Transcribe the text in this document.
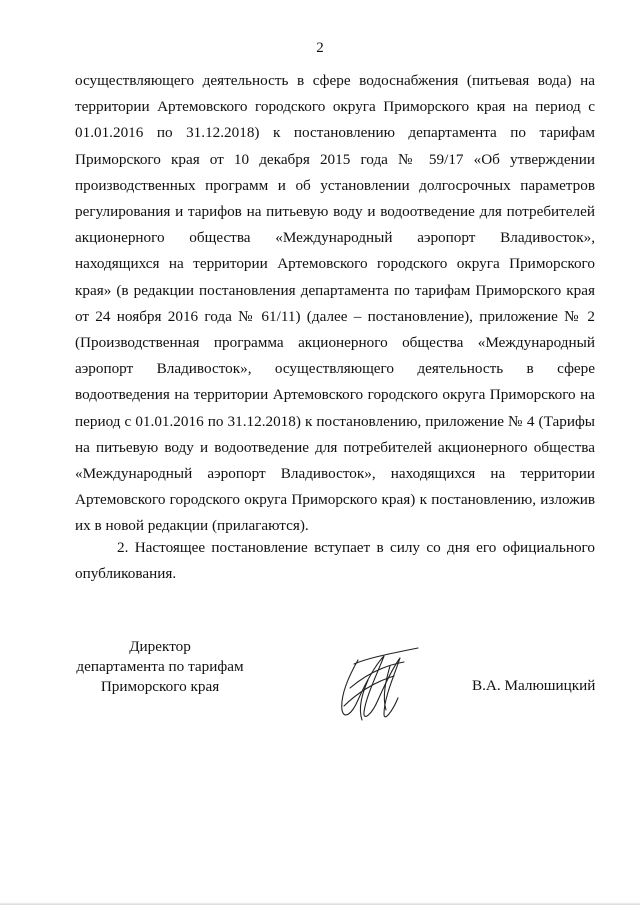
2

осуществляющего деятельность в сфере водоснабжения (питьевая вода) на территории Артемовского городского округа Приморского края на период с 01.01.2016 по 31.12.2018) к постановлению департамента по тарифам Приморского края от 10 декабря 2015 года № 59/17 «Об утверждении производственных программ и об установлении долгосрочных параметров регулирования и тарифов на питьевую воду и водоотведение для потребителей акционерного общества «Международный аэропорт Владивосток», находящихся на территории Артемовского городского округа Приморского края» (в редакции постановления департамента по тарифам Приморского края от 24 ноября 2016 года № 61/11) (далее – постановление), приложение № 2 (Производственная программа акционерного общества «Международный аэропорт Владивосток», осуществляющего деятельность в сфере водоотведения на территории Артемовского городского округа Приморского на период с 01.01.2016 по 31.12.2018) к постановлению, приложение № 4 (Тарифы на питьевую воду и водоотведение для потребителей акционерного общества «Международный аэропорт Владивосток», находящихся на территории Артемовского городского округа Приморского края) к постановлению, изложив их в новой редакции (прилагаются).

2. Настоящее постановление вступает в силу со дня его официального опубликования.

Директор
департамента по тарифам
Приморского края	В.А. Малюшицкий
